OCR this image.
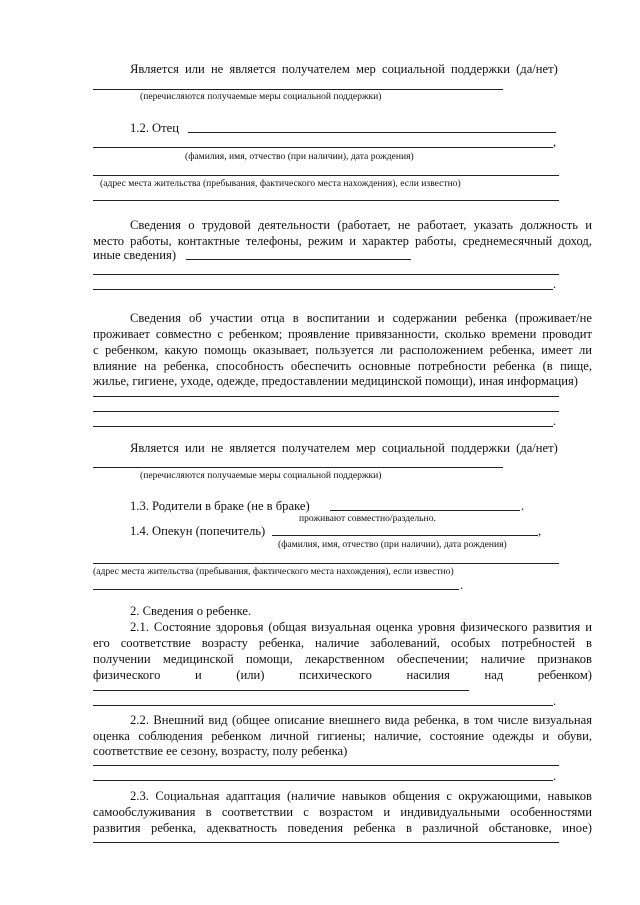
Является или не является получателем мер социальной поддержки (да/нет)
(перечисляются получаемые меры социальной поддержки)
1.2. Отец
,
(фамилия, имя, отчество (при наличии), дата рождения)
(адрес места жительства (пребывания, фактического места нахождения), если известно)
Сведения о трудовой деятельности (работает, не работает, указать должность и
место работы, контактные телефоны, режим и характер работы, среднемесячный доход,
иные сведения)
.
Сведения об участии отца в воспитании и содержании ребенка (проживает/не
проживает совместно с ребенком; проявление привязанности, сколько времени проводит
с ребенком, какую помощь оказывает, пользуется ли расположением ребенка, имеет ли
влияние на ребенка, способность обеспечить основные потребности ребенка (в пище,
жилье, гигиене, уходе, одежде, предоставлении медицинской помощи), иная информация)
.
Является или не является получателем мер социальной поддержки (да/нет)
(перечисляются получаемые меры социальной поддержки)
1.3. Родители в браке (не в браке)	.
проживают совместно/раздельно.
1.4. Опекун (попечитель)	,
(фамилия, имя, отчество (при наличии), дата рождения)
(адрес места жительства (пребывания, фактического места нахождения), если известно)
.
2. Сведения о ребенке.
2.1. Состояние здоровья (общая визуальная оценка уровня физического развития и
его соответствие возрасту ребенка, наличие заболеваний, особых потребностей в
получении медицинской помощи, лекарственном обеспечении; наличие признаков
физического и (или) психического насилия над ребенком)
.
2.2. Внешний вид (общее описание внешнего вида ребенка, в том числе визуальная
оценка соблюдения ребенком личной гигиены; наличие, состояние одежды и обуви,
соответствие ее сезону, возрасту, полу ребенка)
.
2.3. Социальная адаптация (наличие навыков общения с окружающими, навыков
самообслуживания в соответствии с возрастом и индивидуальными особенностями
развития ребенка, адекватность поведения ребенка в различной обстановке, иное)
